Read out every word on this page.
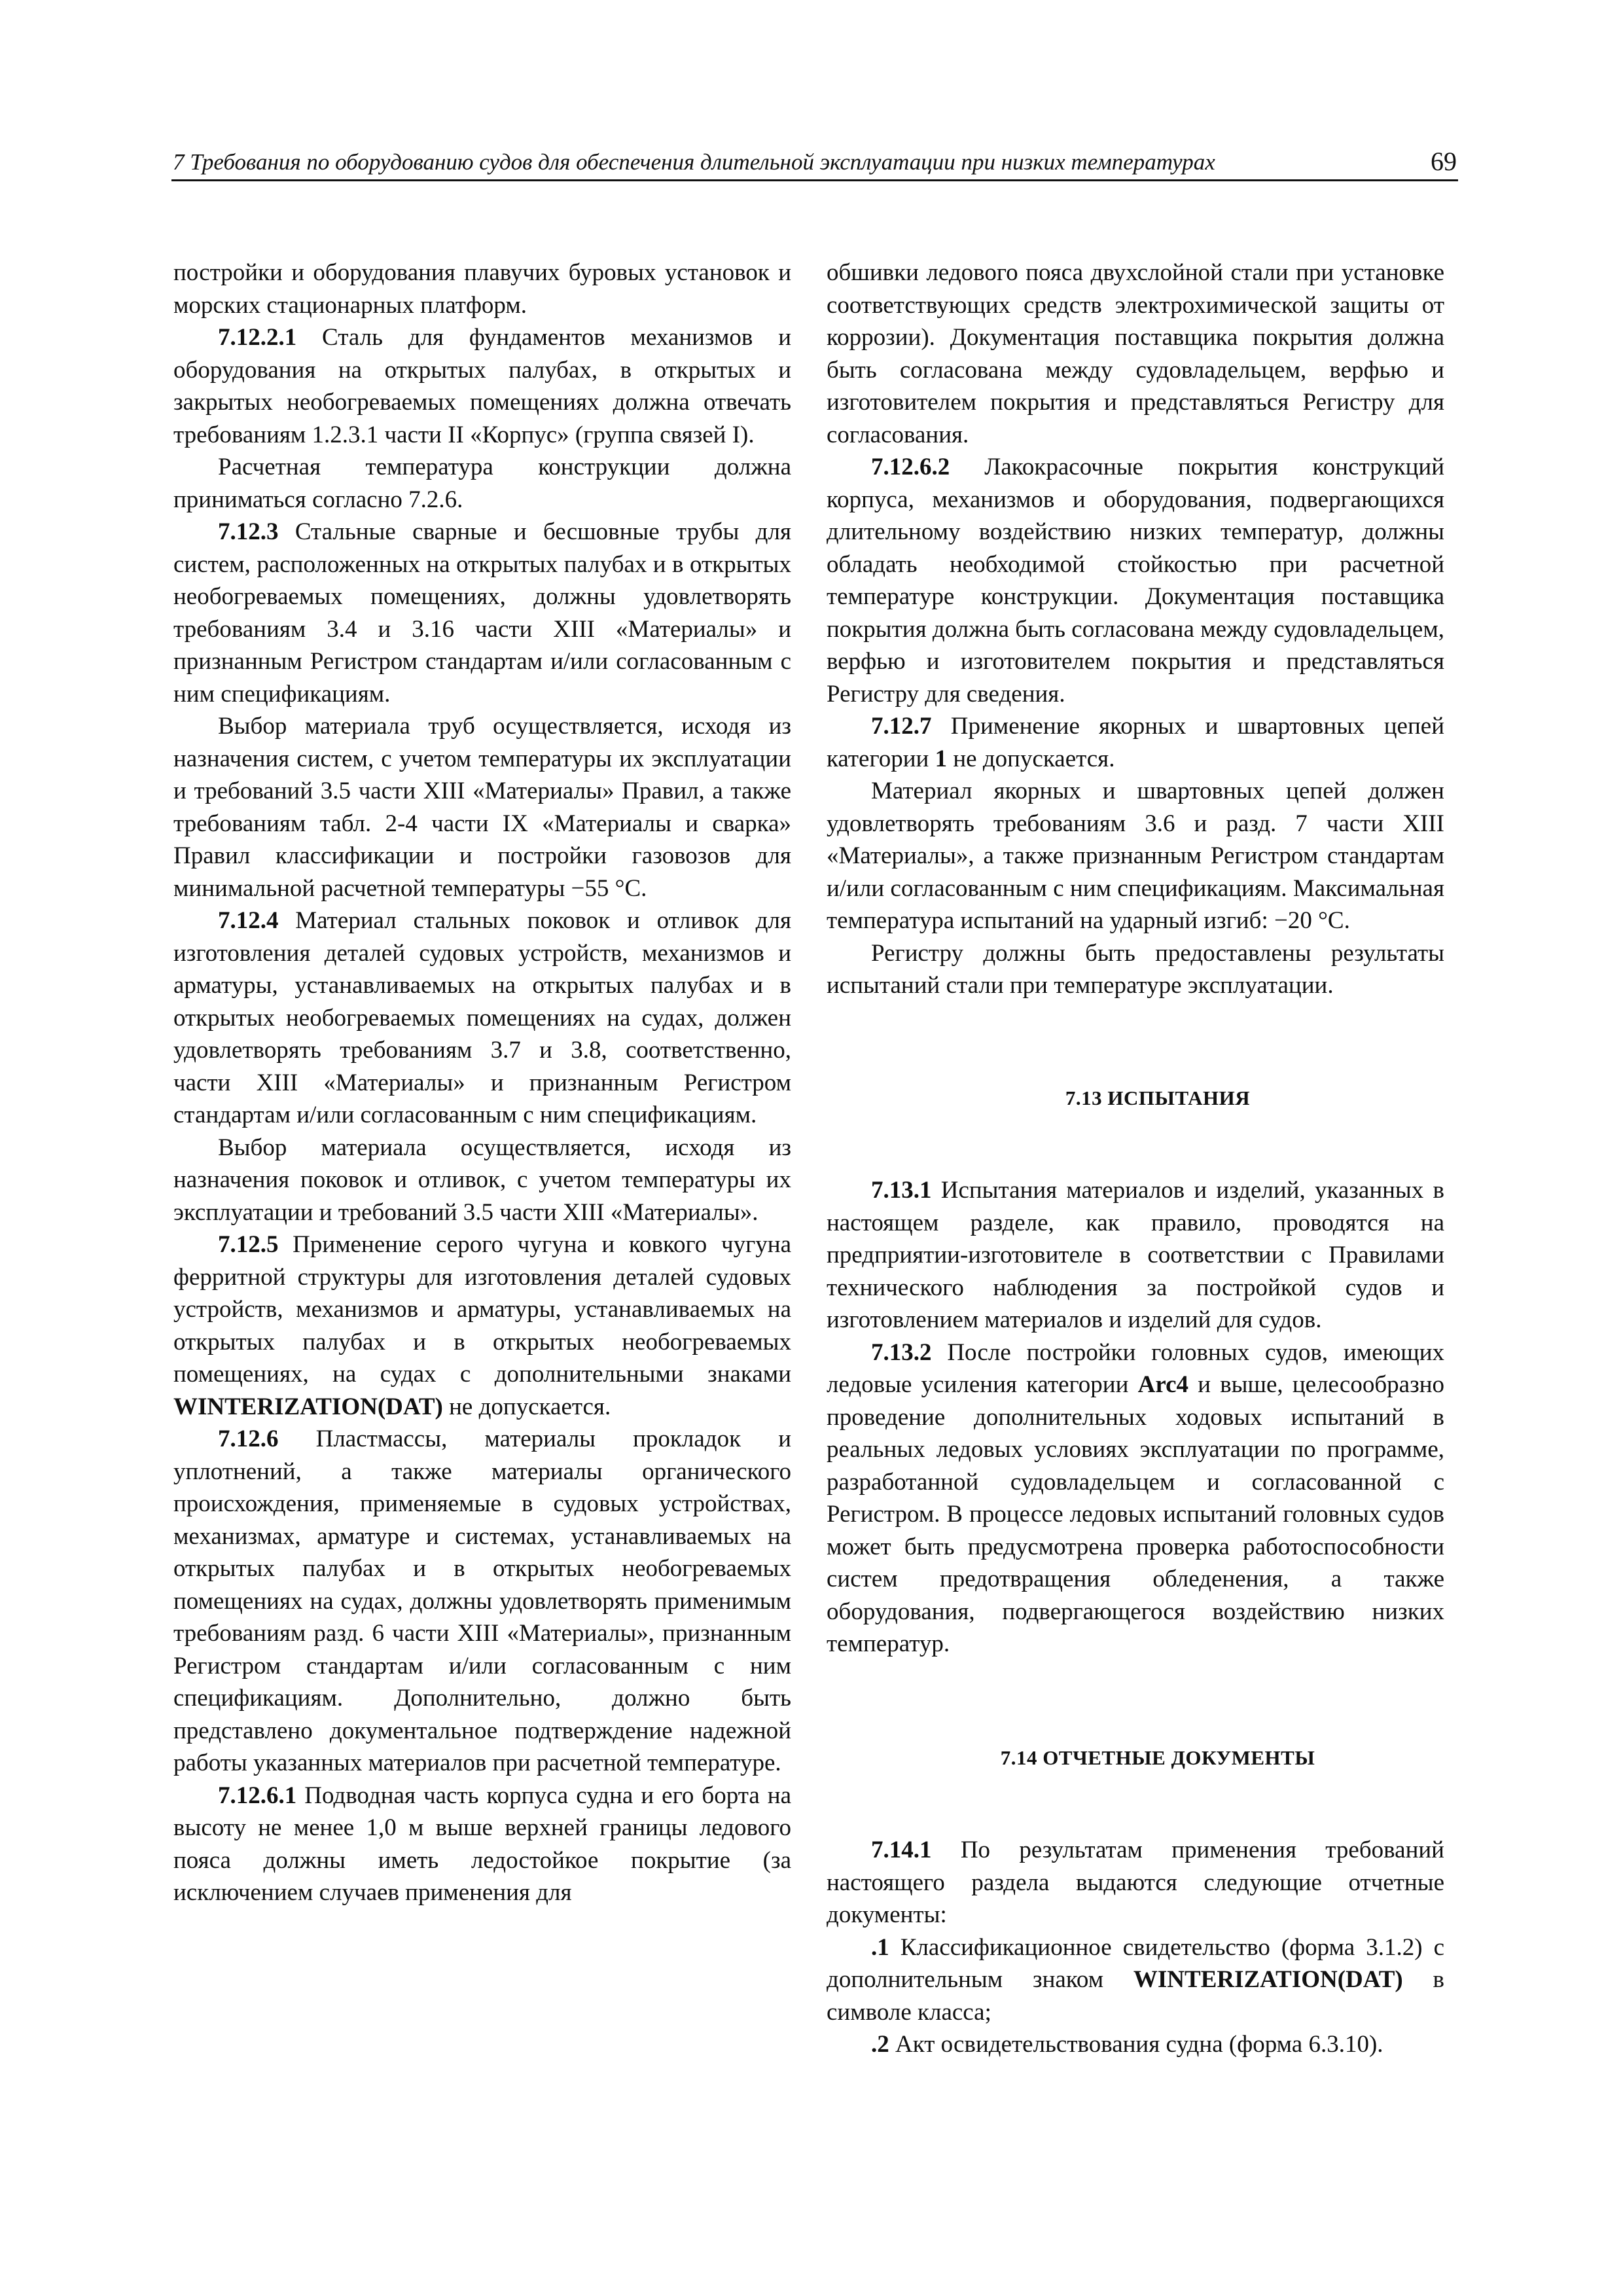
7 Требования по оборудованию судов для обеспечения длительной эксплуатации при низких температурах	69

постройки и оборудования плавучих буровых установок и морских стационарных платформ.

7.12.2.1 Сталь для фундаментов механизмов и оборудования на открытых палубах, в открытых и закрытых необогреваемых помещениях должна отвечать требованиям 1.2.3.1 части II «Корпус» (группа связей I).

Расчетная температура конструкции должна приниматься согласно 7.2.6.

7.12.3 Стальные сварные и бесшовные трубы для систем, расположенных на открытых палубах и в открытых необогреваемых помещениях, должны удовлетворять требованиям 3.4 и 3.16 части XIII «Материалы» и признанным Регистром стандартам и/или согласованным с ним спецификациям.

Выбор материала труб осуществляется, исходя из назначения систем, с учетом температуры их эксплуатации и требований 3.5 части XIII «Материалы» Правил, а также требованиям табл. 2-4 части IX «Материалы и сварка» Правил классификации и постройки газовозов для минимальной расчетной температуры −55 °С.

7.12.4 Материал стальных поковок и отливок для изготовления деталей судовых устройств, механизмов и арматуры, устанавливаемых на открытых палубах и в открытых необогреваемых помещениях на судах, должен удовлетворять требованиям 3.7 и 3.8, соответственно, части XIII «Материалы» и признанным Регистром стандартам и/или согласованным с ним спецификациям.

Выбор материала осуществляется, исходя из назначения поковок и отливок, с учетом температуры их эксплуатации и требований 3.5 части XIII «Материалы».

7.12.5 Применение серого чугуна и ковкого чугуна ферритной структуры для изготовления деталей судовых устройств, механизмов и арматуры, устанавливаемых на открытых палубах и в открытых необогреваемых помещениях, на судах с дополнительными знаками WINTERIZATION(DAT) не допускается.

7.12.6 Пластмассы, материалы прокладок и уплотнений, а также материалы органического происхождения, применяемые в судовых устройствах, механизмах, арматуре и системах, устанавливаемых на открытых палубах и в открытых необогреваемых помещениях на судах, должны удовлетворять применимым требованиям разд. 6 части XIII «Материалы», признанным Регистром стандартам и/или согласованным с ним спецификациям. Дополнительно, должно быть представлено документальное подтверждение надежной работы указанных материалов при расчетной температуре.

7.12.6.1 Подводная часть корпуса судна и его борта на высоту не менее 1,0 м выше верхней границы ледового пояса должны иметь ледостойкое покрытие (за исключением случаев применения для

обшивки ледового пояса двухслойной стали при установке соответствующих средств электрохимической защиты от коррозии). Документация поставщика покрытия должна быть согласована между судовладельцем, верфью и изготовителем покрытия и представляться Регистру для согласования.

7.12.6.2 Лакокрасочные покрытия конструкций корпуса, механизмов и оборудования, подвергающихся длительному воздействию низких температур, должны обладать необходимой стойкостью при расчетной температуре конструкции. Документация поставщика покрытия должна быть согласована между судовладельцем, верфью и изготовителем покрытия и представляться Регистру для сведения.

7.12.7 Применение якорных и швартовных цепей категории 1 не допускается.

Материал якорных и швартовных цепей должен удовлетворять требованиям 3.6 и разд. 7 части XIII «Материалы», а также признанным Регистром стандартам и/или согласованным с ним спецификациям. Максимальная температура испытаний на ударный изгиб: −20 °С.

Регистру должны быть предоставлены результаты испытаний стали при температуре эксплуатации.

7.13 ИСПЫТАНИЯ

7.13.1 Испытания материалов и изделий, указанных в настоящем разделе, как правило, проводятся на предприятии-изготовителе в соответствии с Правилами технического наблюдения за постройкой судов и изготовлением материалов и изделий для судов.

7.13.2 После постройки головных судов, имеющих ледовые усиления категории Arc4 и выше, целесообразно проведение дополнительных ходовых испытаний в реальных ледовых условиях эксплуатации по программе, разработанной судовладельцем и согласованной с Регистром. В процессе ледовых испытаний головных судов может быть предусмотрена проверка работоспособности систем предотвращения обледенения, а также оборудования, подвергающегося воздействию низких температур.

7.14 ОТЧЕТНЫЕ ДОКУМЕНТЫ

7.14.1 По результатам применения требований настоящего раздела выдаются следующие отчетные документы:

.1 Классификационное свидетельство (форма 3.1.2) с дополнительным знаком WINTERIZATION(DAT) в символе класса;

.2 Акт освидетельствования судна (форма 6.3.10).
